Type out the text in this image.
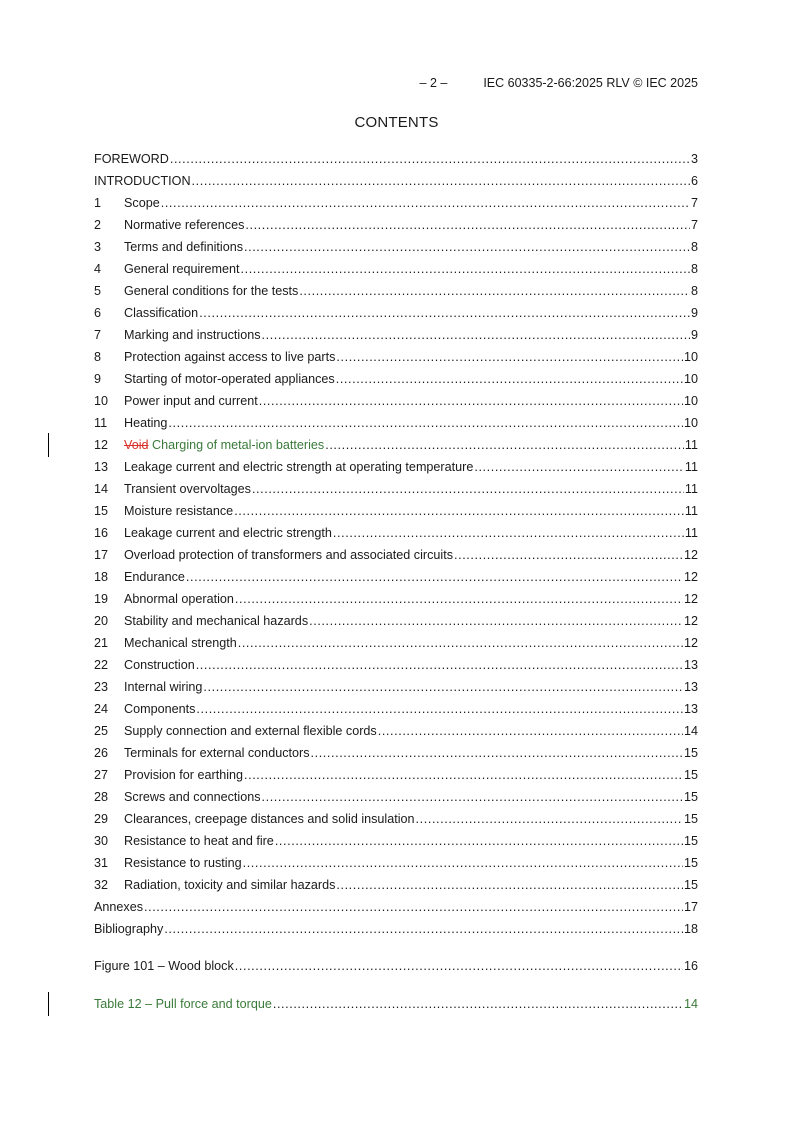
– 2 –	IEC 60335-2-66:2025 RLV © IEC 2025
CONTENTS
FOREWORD .....	3
INTRODUCTION .....	6
1	Scope .....	7
2	Normative references .....	7
3	Terms and definitions .....	8
4	General requirement .....	8
5	General conditions for the tests .....	8
6	Classification .....	9
7	Marking and instructions .....	9
8	Protection against access to live parts .....	10
9	Starting of motor-operated appliances .....	10
10	Power input and current .....	10
11	Heating .....	10
12	Void Charging of metal-ion batteries .....	11
13	Leakage current and electric strength at operating temperature .....	11
14	Transient overvoltages .....	11
15	Moisture resistance .....	11
16	Leakage current and electric strength .....	11
17	Overload protection of transformers and associated circuits .....	12
18	Endurance .....	12
19	Abnormal operation .....	12
20	Stability and mechanical hazards .....	12
21	Mechanical strength .....	12
22	Construction .....	13
23	Internal wiring .....	13
24	Components .....	13
25	Supply connection and external flexible cords .....	14
26	Terminals for external conductors .....	15
27	Provision for earthing .....	15
28	Screws and connections .....	15
29	Clearances, creepage distances and solid insulation .....	15
30	Resistance to heat and fire .....	15
31	Resistance to rusting .....	15
32	Radiation, toxicity and similar hazards .....	15
Annexes .....	17
Bibliography .....	18
Figure 101 – Wood block .....	16
Table 12 – Pull force and torque .....	14
